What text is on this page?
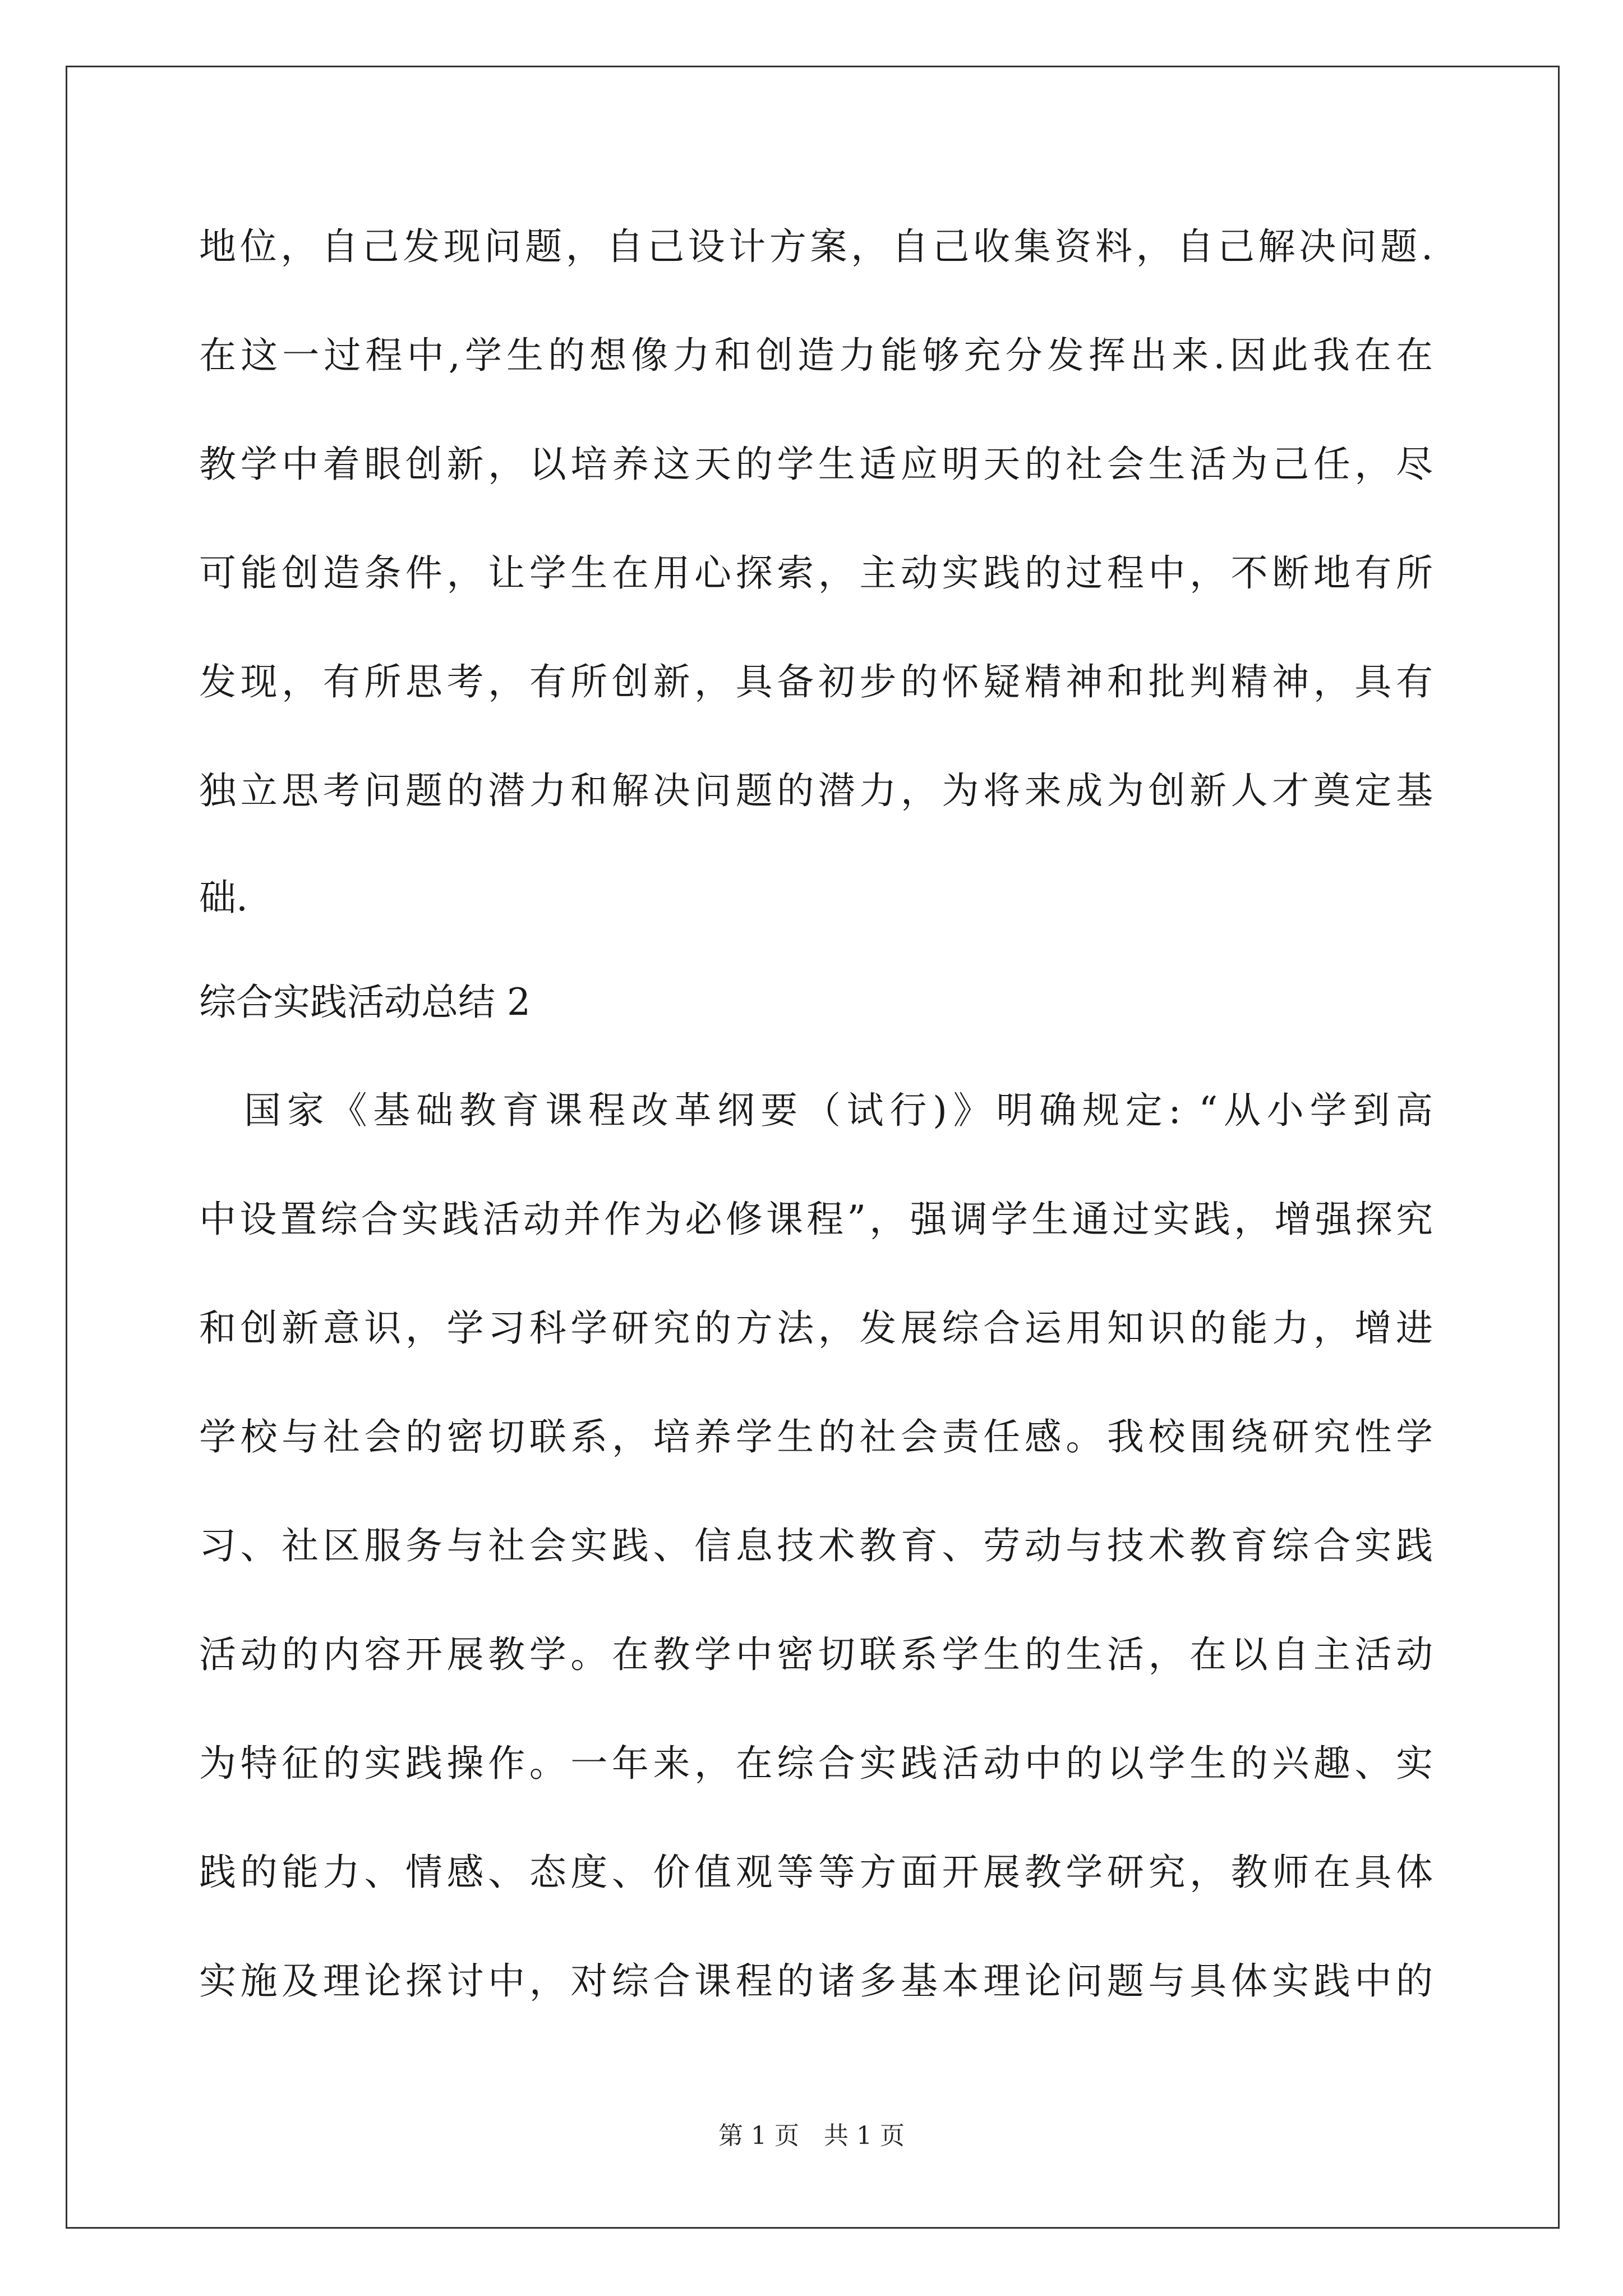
地位，自己发现问题，自己设计方案，自己收集资料，自己解决问题.
在这一过程中,学生的想像力和创造力能够充分发挥出来.因此我在在
教学中着眼创新，以培养这天的学生适应明天的社会生活为己任，尽
可能创造条件，让学生在用心探索，主动实践的过程中，不断地有所
发现，有所思考，有所创新，具备初步的怀疑精神和批判精神，具有
独立思考问题的潜力和解决问题的潜力，为将来成为创新人才奠定基
础.
综合实践活动总结 2
国家《基础教育课程改革纲要（试行)》明确规定: “从小学到高
中设置综合实践活动并作为必修课程”，强调学生通过实践，增强探究
和创新意识，学习科学研究的方法，发展综合运用知识的能力，增进
学校与社会的密切联系，培养学生的社会责任感。我校围绕研究性学
习、社区服务与社会实践、信息技术教育、劳动与技术教育综合实践
活动的内容开展教学。在教学中密切联系学生的生活，在以自主活动
为特征的实践操作。一年来，在综合实践活动中的以学生的兴趣、实
践的能力、情感、态度、价值观等等方面开展教学研究，教师在具体
实施及理论探讨中，对综合课程的诸多基本理论问题与具体实践中的
第 1 页　共 1 页
